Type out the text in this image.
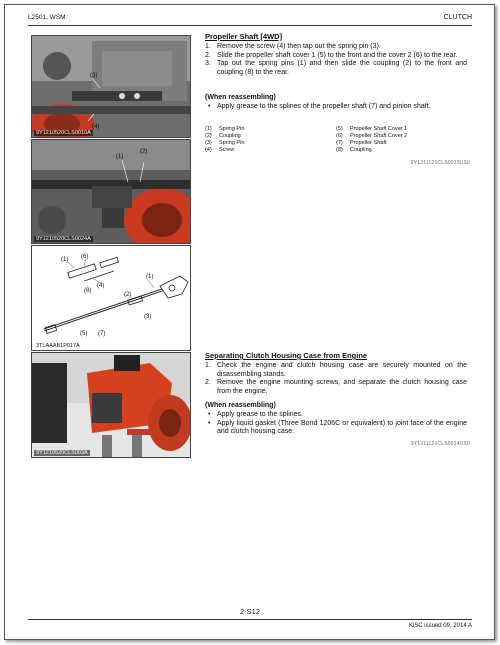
L2501, WSM	CLUTCH
(3)
(4)
9Y1210520CLS0010A
(1)
(2)
9Y1210520CLS0024A
(1) (6)
(4)
(8)
(2)
(1)
(3)
(5) (7)
3TLAAAB1P017A
9Y1210520CLS003A
Propeller Shaft [4WD]
1. Remove the screw (4) then tap out the spring pin (3).
2. Slide the propeller shaft cover 1 (5) to the front and the cover 2 (6) to the rear.
3. Tap out the spring pins (1) and then slide the coupling (2) to the front and coupling (8) to the rear.
(When reassembling)
• Apply grease to the splines of the propeller shaft (7) and pinion shaft.
(1)	Spring Pin	(5)	Propeller Shaft Cover 1
(2)	Coupling	(6)	Propeller Shaft Cover 2
(3)	Spring Pin	(7)	Propeller Shaft
(4)	Screw	(8)	Coupling
9Y1211121CLS0013US0
Separating Clutch Housing Case from Engine
1. Check the engine and clutch housing case are securely mounted on the disassembling stands.
2. Remove the engine mounting screws, and separate the clutch housing case from the engine.
(When reassembling)
• Apply grease to the splines.
• Apply liquid gasket (Three Bond 1206C or equivalent) to joint face of the engine and clutch housing case.
9Y1211121CLS0014US0
2-S12
KiSC issued 09, 2014 A
